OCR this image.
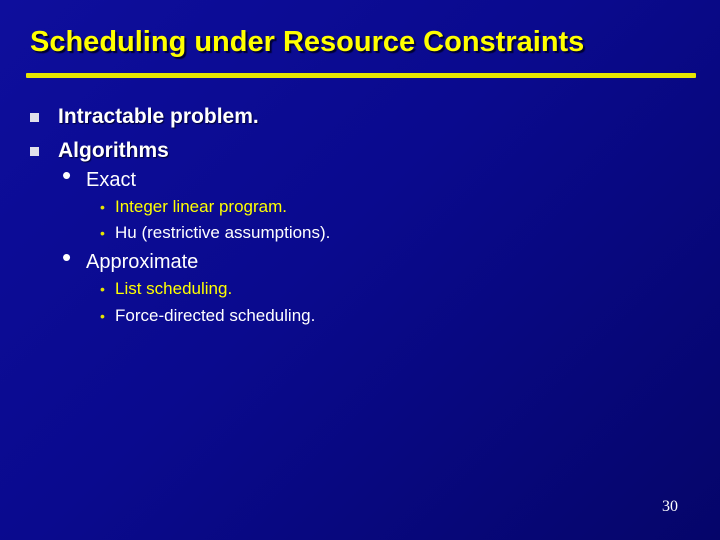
Scheduling under Resource Constraints
Intractable problem.
Algorithms
• Exact
• Integer linear program.
• Hu (restrictive assumptions).
• Approximate
• List scheduling.
• Force-directed scheduling.
30
